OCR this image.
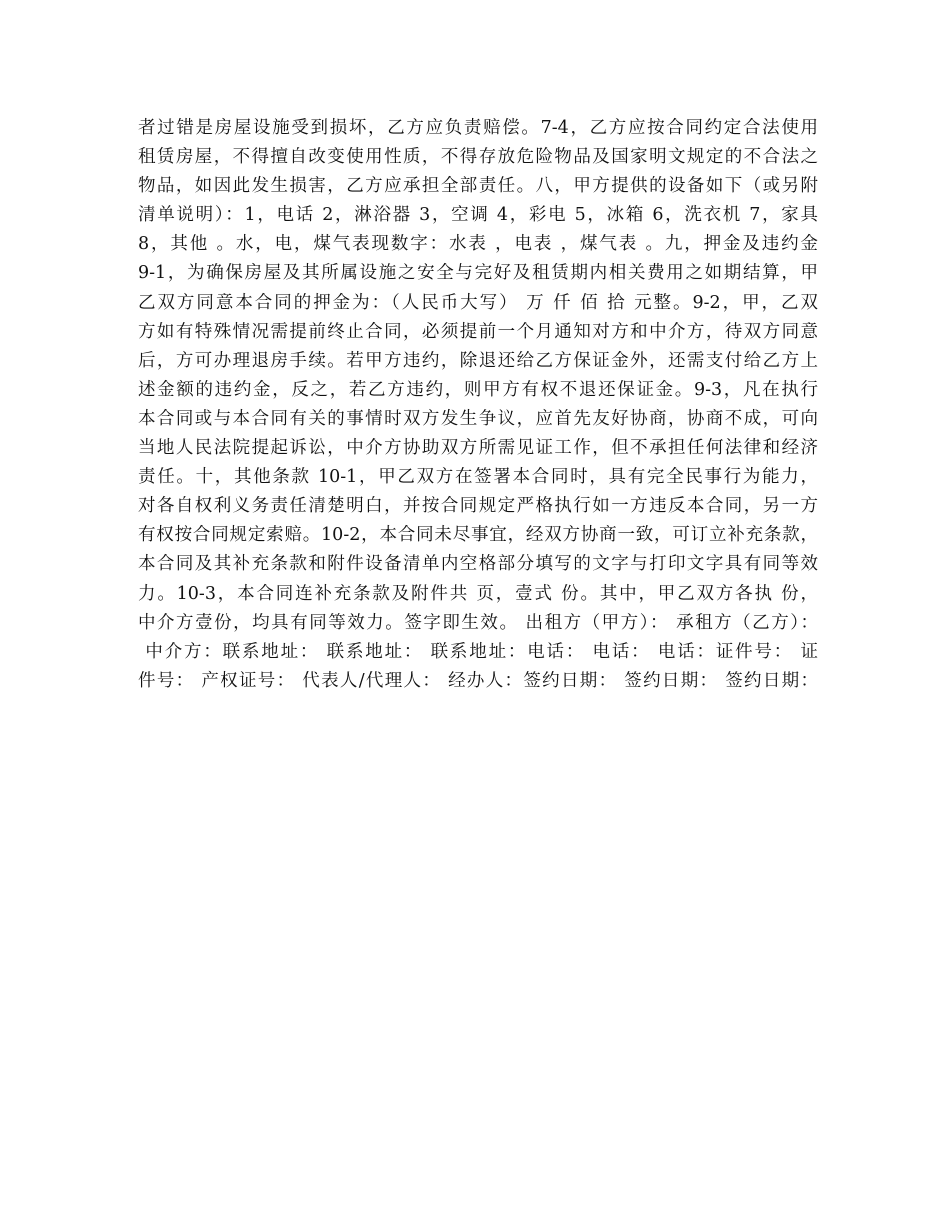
者过错是房屋设施受到损坏，乙方应负责赔偿。7-4，乙方应按合同约定合法使用
租赁房屋，不得擅自改变使用性质，不得存放危险物品及国家明文规定的不合法之
物品，如因此发生损害，乙方应承担全部责任。八，甲方提供的设备如下（或另附
清单说明）：1，电话 2，淋浴器 3，空调 4，彩电 5，冰箱 6，洗衣机 7，家具
8，其他 。水，电，煤气表现数字：水表 ，电表 ，煤气表 。九，押金及违约金
9-1，为确保房屋及其所属设施之安全与完好及租赁期内相关费用之如期结算，甲
乙双方同意本合同的押金为：（人民币大写） 万 仟 佰 拾 元整。9-2，甲，乙双
方如有特殊情况需提前终止合同，必须提前一个月通知对方和中介方，待双方同意
后，方可办理退房手续。若甲方违约，除退还给乙方保证金外，还需支付给乙方上
述金额的违约金，反之，若乙方违约，则甲方有权不退还保证金。9-3，凡在执行
本合同或与本合同有关的事情时双方发生争议，应首先友好协商，协商不成，可向
当地人民法院提起诉讼，中介方协助双方所需见证工作，但不承担任何法律和经济
责任。十，其他条款 10-1，甲乙双方在签署本合同时，具有完全民事行为能力，
对各自权利义务责任清楚明白，并按合同规定严格执行如一方违反本合同，另一方
有权按合同规定索赔。10-2，本合同未尽事宜，经双方协商一致，可订立补充条款，
本合同及其补充条款和附件设备清单内空格部分填写的文字与打印文字具有同等效
力。10-3，本合同连补充条款及附件共 页，壹式 份。其中，甲乙双方各执 份，
中介方壹份，均具有同等效力。签字即生效。 出租方（甲方）： 承租方（乙方）：
中介方：联系地址： 联系地址： 联系地址：电话： 电话： 电话：证件号： 证
件号： 产权证号： 代表人/代理人： 经办人：签约日期： 签约日期： 签约日期：
